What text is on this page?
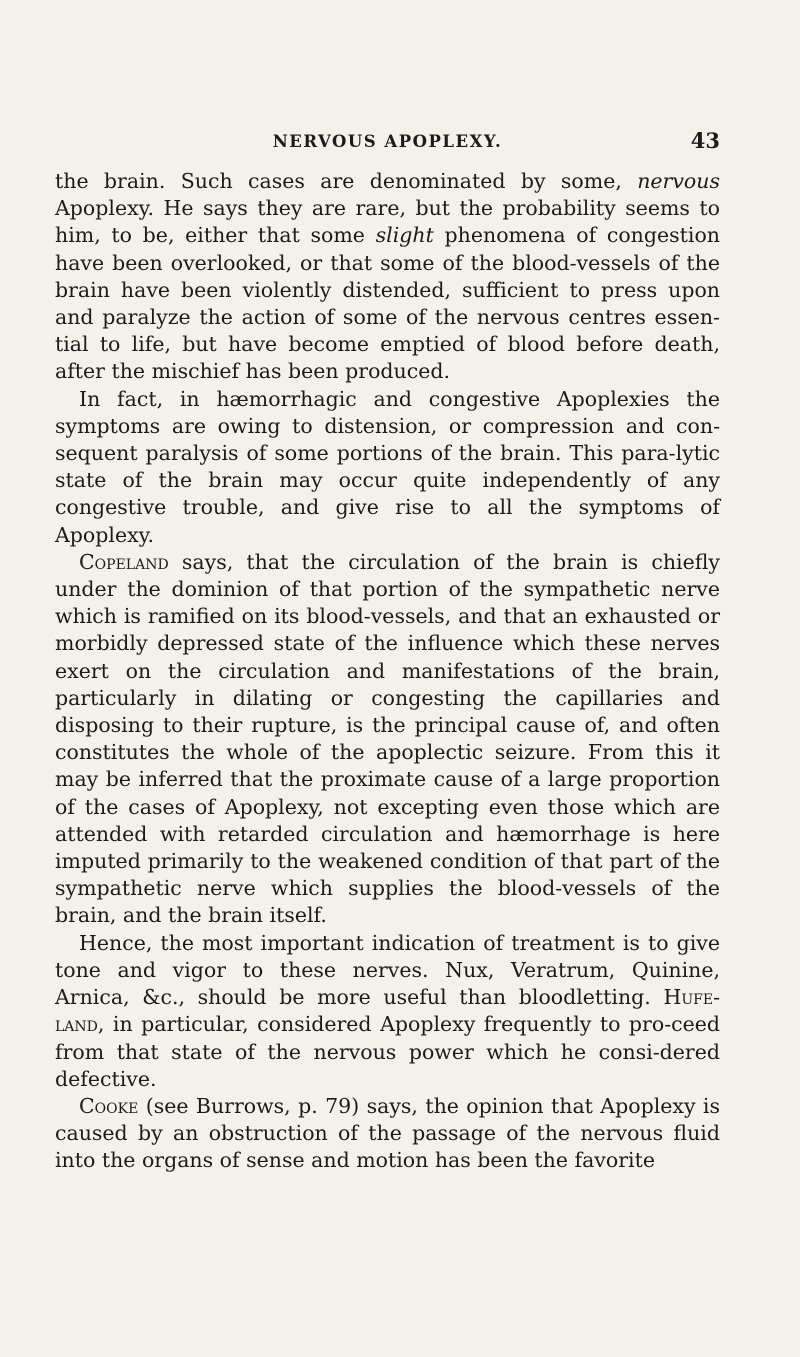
NERVOUS APOPLEXY.	43

the brain. Such cases are denominated by some, nervous Apoplexy. He says they are rare, but the probability seems to him, to be, either that some slight phenomena of congestion have been overlooked, or that some of the blood-vessels of the brain have been violently distended, sufficient to press upon and paralyze the action of some of the nervous centres essen-tial to life, but have become emptied of blood before death, after the mischief has been produced.

In fact, in hæmorrhagic and congestive Apoplexies the symptoms are owing to distension, or compression and con-sequent paralysis of some portions of the brain. This para-lytic state of the brain may occur quite independently of any congestive trouble, and give rise to all the symptoms of Apoplexy.

Copeland says, that the circulation of the brain is chiefly under the dominion of that portion of the sympathetic nerve which is ramified on its blood-vessels, and that an exhausted or morbidly depressed state of the influence which these nerves exert on the circulation and manifestations of the brain, particularly in dilating or congesting the capillaries and disposing to their rupture, is the principal cause of, and often constitutes the whole of the apoplectic seizure. From this it may be inferred that the proximate cause of a large proportion of the cases of Apoplexy, not excepting even those which are attended with retarded circulation and hæmorrhage is here imputed primarily to the weakened condition of that part of the sympathetic nerve which supplies the blood-vessels of the brain, and the brain itself.

Hence, the most important indication of treatment is to give tone and vigor to these nerves. Nux, Veratrum, Quinine, Arnica, &c., should be more useful than bloodletting. Hufe-land, in particular, considered Apoplexy frequently to pro-ceed from that state of the nervous power which he consi-dered defective.

Cooke (see Burrows, p. 79) says, the opinion that Apoplexy is caused by an obstruction of the passage of the nervous fluid into the organs of sense and motion has been the favorite
